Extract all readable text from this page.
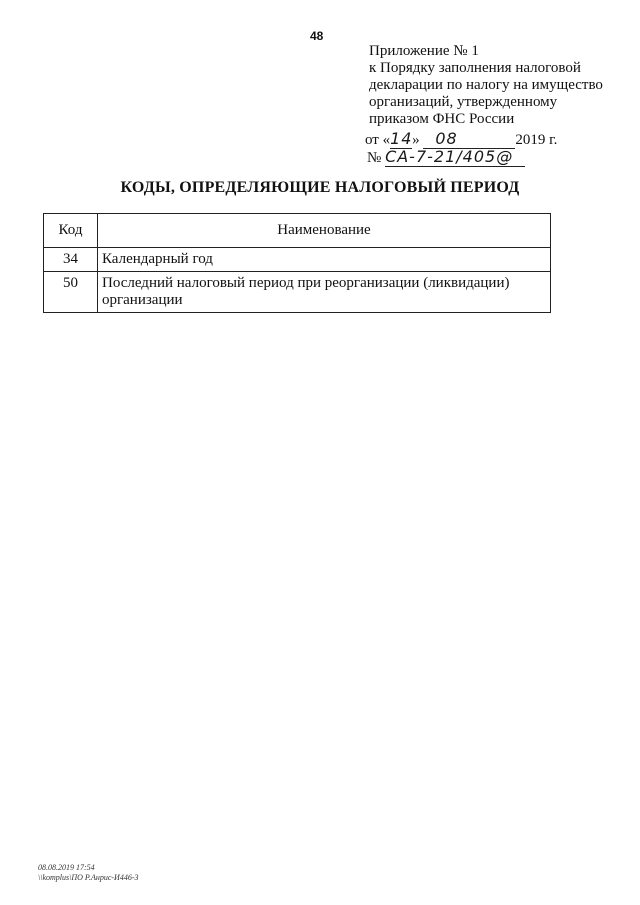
48
Приложение № 1
к Порядку заполнения налоговой
декларации по налогу на имущество
организаций, утвержденному
приказом ФНС России
от «14» 08	2019 г.
№ СА-7-21/405@
КОДЫ, ОПРЕДЕЛЯЮЩИЕ НАЛОГОВЫЙ ПЕРИОД
Код	Наименование
34	Календарный год
50	Последний налоговый период при реорганизации (ликвидации) организации
08.08.2019 17:54
\\komplus\ПО Р.Анрис-И446-3
